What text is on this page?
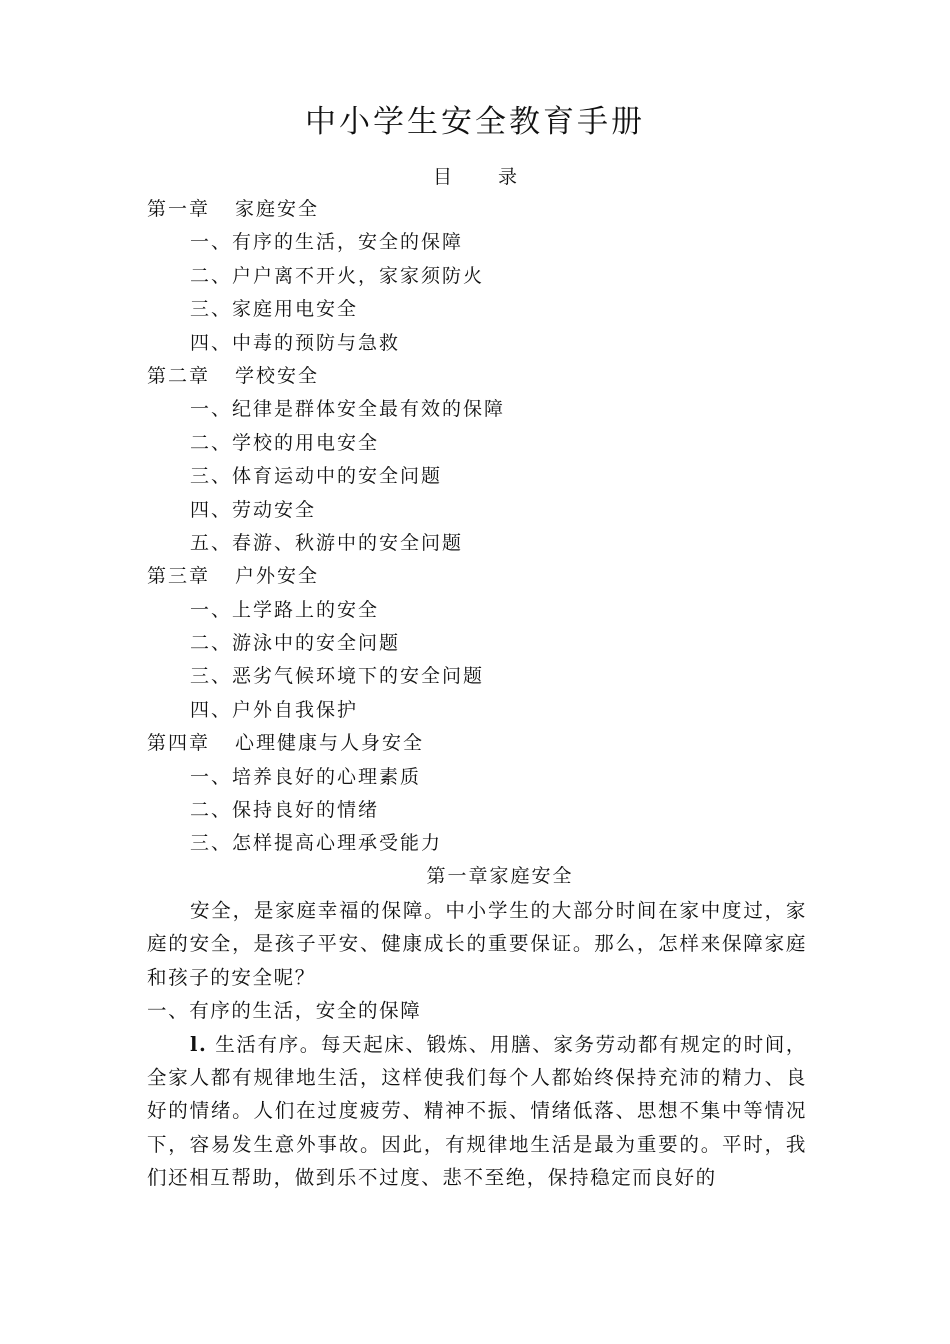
中小学生安全教育手册
目 录
第一章 家庭安全
一、有序的生活，安全的保障
二、户户离不开火，家家须防火
三、家庭用电安全
四、中毒的预防与急救
第二章 学校安全
一、纪律是群体安全最有效的保障
二、学校的用电安全
三、体育运动中的安全问题
四、劳动安全
五、春游、秋游中的安全问题
第三章 户外安全
一、上学路上的安全
二、游泳中的安全问题
三、恶劣气候环境下的安全问题
四、户外自我保护
第四章 心理健康与人身安全
一、培养良好的心理素质
二、保持良好的情绪
三、怎样提高心理承受能力
第一章家庭安全

安全，是家庭幸福的保障。中小学生的大部分时间在家中度过，家庭的安全，是孩子平安、健康成长的重要保证。那么，怎样来保障家庭和孩子的安全呢？

一、有序的生活，安全的保障

l. 生活有序。每天起床、锻炼、用膳、家务劳动都有规定的时间，全家人都有规律地生活，这样使我们每个人都始终保持充沛的精力、良好的情绪。人们在过度疲劳、精神不振、情绪低落、思想不集中等情况下，容易发生意外事故。因此，有规律地生活是最为重要的。平时，我们还相互帮助，做到乐不过度、悲不至绝，保持稳定而良好的
